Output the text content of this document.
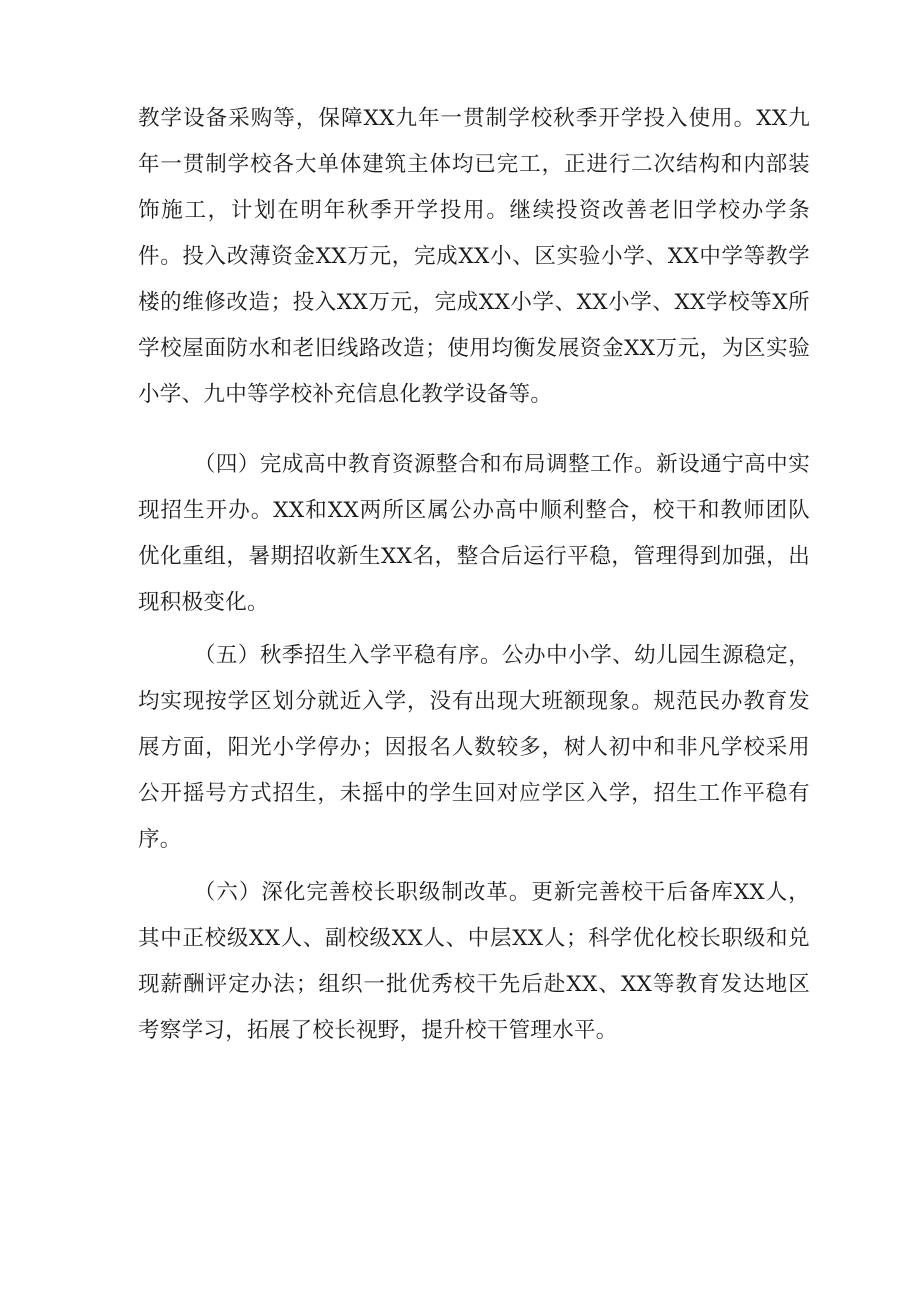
教学设备采购等，保障XX九年一贯制学校秋季开学投入使用。XX九年一贯制学校各大单体建筑主体均已完工，正进行二次结构和内部装饰施工，计划在明年秋季开学投用。继续投资改善老旧学校办学条件。投入改薄资金XX万元，完成XX小、区实验小学、XX中学等教学楼的维修改造；投入XX万元，完成XX小学、XX小学、XX学校等X所学校屋面防水和老旧线路改造；使用均衡发展资金XX万元，为区实验小学、九中等学校补充信息化教学设备等。

（四）完成高中教育资源整合和布局调整工作。新设通宁高中实现招生开办。XX和XX两所区属公办高中顺利整合，校干和教师团队优化重组，暑期招收新生XX名，整合后运行平稳，管理得到加强，出现积极变化。

（五）秋季招生入学平稳有序。公办中小学、幼儿园生源稳定，均实现按学区划分就近入学，没有出现大班额现象。规范民办教育发展方面，阳光小学停办；因报名人数较多，树人初中和非凡学校采用公开摇号方式招生，未摇中的学生回对应学区入学，招生工作平稳有序。

（六）深化完善校长职级制改革。更新完善校干后备库XX人，其中正校级XX人、副校级XX人、中层XX人；科学优化校长职级和兑现薪酬评定办法；组织一批优秀校干先后赴XX、XX等教育发达地区考察学习，拓展了校长视野，提升校干管理水平。
